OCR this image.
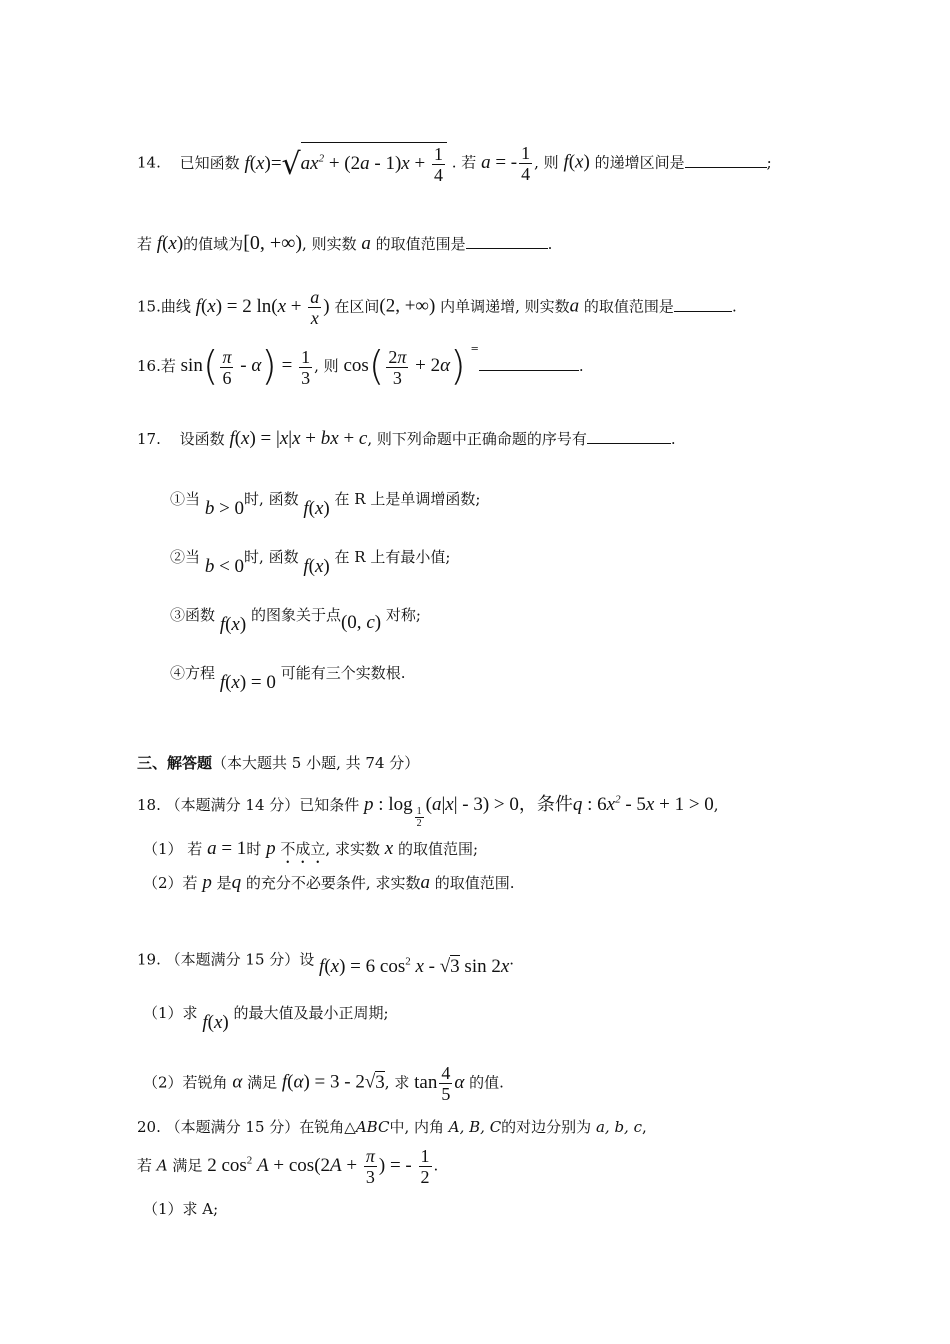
14. 已知函数 $f(x)=√ax^2 + (2a - 1)x + \frac{1}{4}$ . 若 a = - $\frac{1}{4}$ , 则 f(x) 的递增区间是	;
若 f(x)的值域为[0, +∞), 则实数 a 的取值范围是	.
15.曲线 f(x) = 2 $\ln(x + \frac{a}{x}$ ) 在区间(2, +∞) 内单调递增, 则实数a 的取值范围是	.
16.若 $\sin( \frac{\pi}{6} - \alpha) = \frac{1}{3}$ , 则 $\cos( \frac{2\pi}{3} + 2\alpha)$ =.
17. 设函数 f(x) = |x|x + bx + c, 则下列命题中正确命题的序号有	.
①当 b > 0时, 函数 f(x) 在 R 上是单调增函数;
②当 b < 0时, 函数 f(x) 在 R 上有最小值;
③函数 f(x) 的图象关于点(0, c) 对称;
④方程 f(x) = 0 可能有三个实数根.
三、解答题（本大题共 5 小题, 共 74 分）
18. （本题满分 14 分）已知条件 p : log
$\frac{1}{2}$
(a|x| - 3) > 0，条件q : $6x^2 - 5x + 1 > 0$,
（1） 若 a = 1时 p 不成立, 求实数 x 的取值范围;
（2）若 p 是q 的充分不必要条件, 求实数a 的取值范围.
19. （本题满分 15 分）设 f(x) = 6 $\cos^2 x - √3$ sin 2x.
（1）求 f(x) 的最大值及最小正周期;
（2）若锐角 α 满足 f(α) = 3 - 2√3, 求 $\tan \frac{4}{5}$ α 的值.
20. （本题满分 15 分）在锐角△ABC中, 内角 A, B, C的对边分别为 a, b, c,
若 A 满足 2 $\cos^2 A + \cos(2A + \frac{\pi}{3}$ ) = - $\frac{1}{2}$ .
（1）求 A;
